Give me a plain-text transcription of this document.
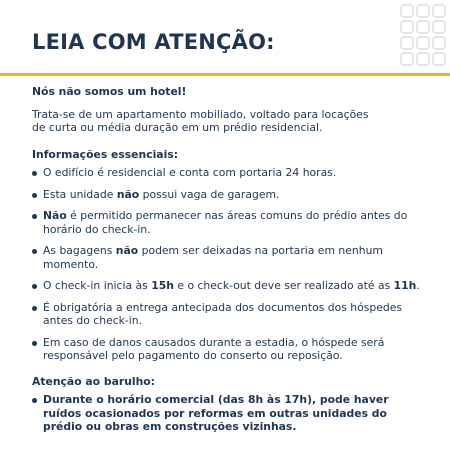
LEIA COM ATENÇÃO:

Nós não somos um hotel!

Trata-se de um apartamento mobiliado, voltado para locações
de curta ou média duração em um prédio residencial.

Informações essenciais:

O edifício é residencial e conta com portaria 24 horas.
Esta unidade não possui vaga de garagem.
Não é permitido permanecer nas áreas comuns do prédio antes do horário do check-in.
As bagagens não podem ser deixadas na portaria em nenhum momento.
O check-in inicia às 15h e o check-out deve ser realizado até as 11h.
É obrigatória a entrega antecipada dos documentos dos hóspedes antes do check-in.
Em caso de danos causados durante a estadia, o hóspede será responsável pelo pagamento do conserto ou reposição.

Atenção ao barulho:

Durante o horário comercial (das 8h às 17h), pode haver ruídos ocasionados por reformas em outras unidades do prédio ou obras em construções vizinhas.
